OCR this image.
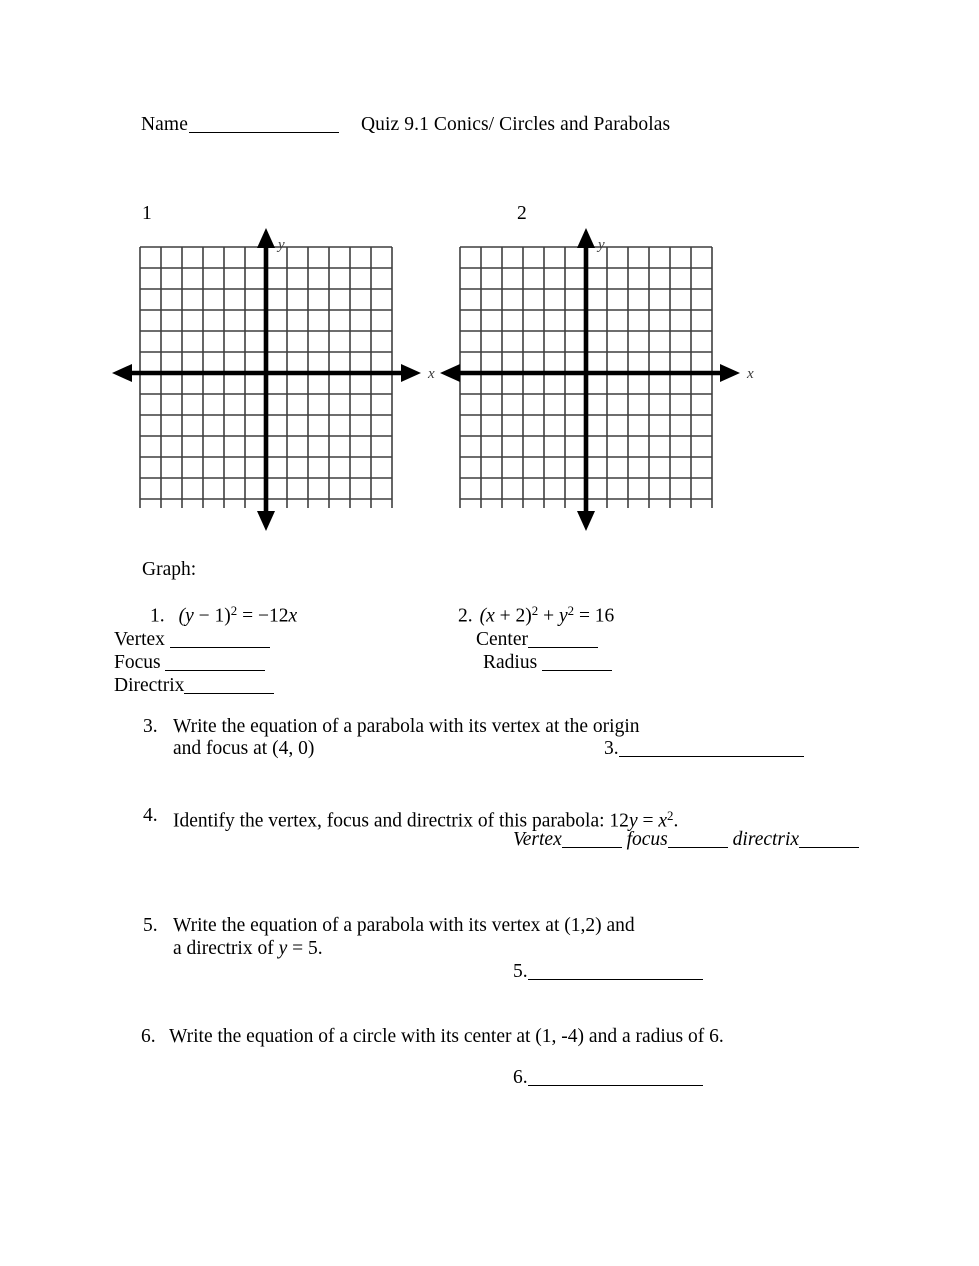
Name	Quiz 9.1 Conics/ Circles and Parabolas
1	2
y
x
y
x
Graph:
1. $(y - 1)^2 = -12x$
Vertex
Focus
Directrix
2. $(x + 2)^2 + y^2 = 16$
Center
Radius
3. Write the equation of a parabola with its vertex at the origin
and focus at (4, 0)	3.
4. Identify the vertex, focus and directrix of this parabola: $12y = x^2$.
Vertex	focus	directrix
5. Write the equation of a parabola with its vertex at (1,2) and
a directrix of y = 5.
5.
6. Write the equation of a circle with its center at (1, -4) and a radius of 6.
6.
